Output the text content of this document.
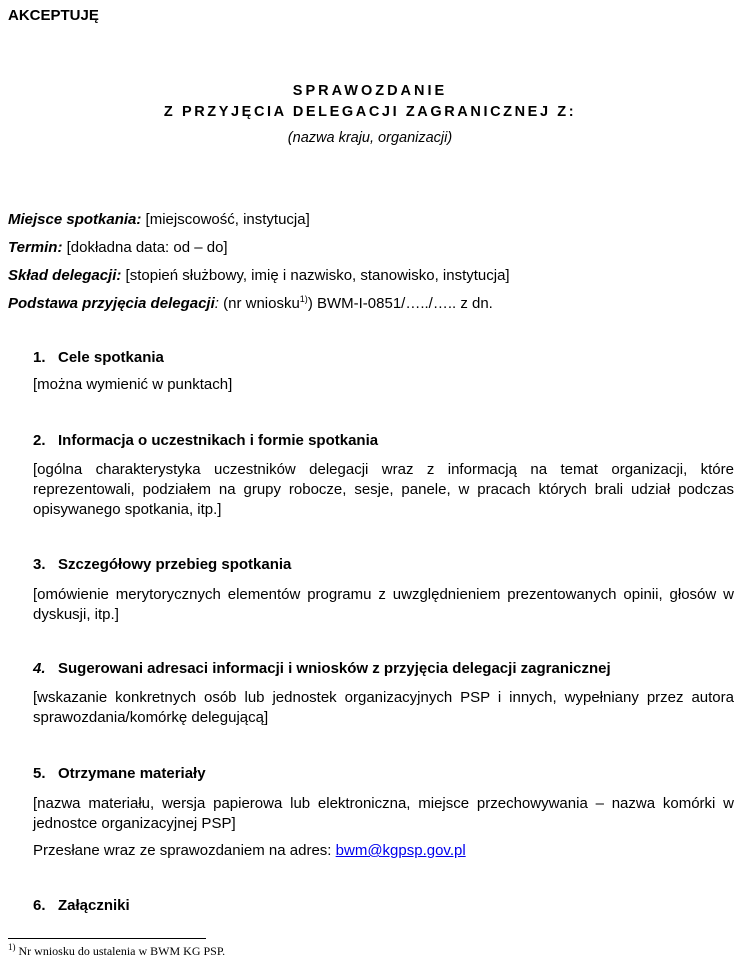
AKCEPTUJĘ
SPRAWOZDANIE
Z PRZYJĘCIA DELEGACJI ZAGRANICZNEJ Z:
(nazwa kraju, organizacji)
Miejsce spotkania: [miejscowość, instytucja]
Termin: [dokładna data: od – do]
Skład delegacji: [stopień służbowy, imię i nazwisko, stanowisko, instytucja]
Podstawa przyjęcia delegacji: (nr wniosku$^{1)}$) BWM-I-0851/…../….. z dn.
1. Cele spotkania
[można wymienić w punktach]
2. Informacja o uczestnikach i formie spotkania
[ogólna charakterystyka uczestników delegacji wraz z informacją na temat organizacji, które reprezentowali, podziałem na grupy robocze, sesje, panele, w pracach których brali udział podczas opisywanego spotkania, itp.]
3. Szczegółowy przebieg spotkania
[omówienie merytorycznych elementów programu z uwzględnieniem prezentowanych opinii, głosów w dyskusji, itp.]
4. Sugerowani adresaci informacji i wniosków z przyjęcia delegacji zagranicznej
[wskazanie konkretnych osób lub jednostek organizacyjnych PSP i innych, wypełniany przez autora sprawozdania/komórkę delegującą]
5. Otrzymane materiały
[nazwa materiału, wersja papierowa lub elektroniczna, miejsce przechowywania – nazwa komórki w jednostce organizacyjnej PSP]
Przesłane wraz ze sprawozdaniem na adres: bwm@kgpsp.gov.pl
6. Załączniki
$^{1)}$ Nr wniosku do ustalenia w BWM KG PSP.
